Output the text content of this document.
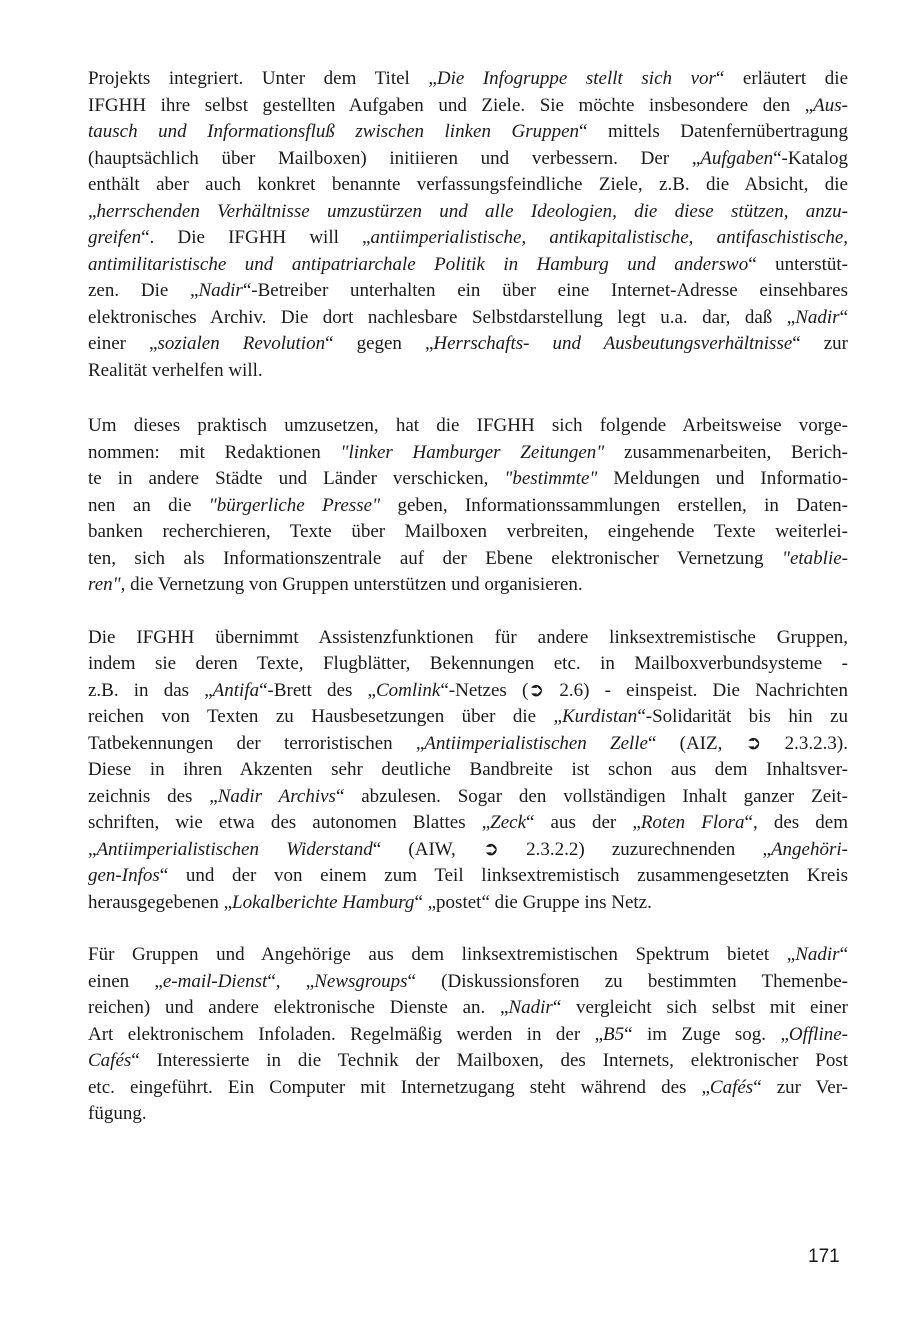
Projekts integriert. Unter dem Titel „Die Infogruppe stellt sich vor“ erläutert die
IFGHH ihre selbst gestellten Aufgaben und Ziele. Sie möchte insbesondere den „Aus-
tausch und Informationsfluß zwischen linken Gruppen“ mittels Datenfernübertragung
(hauptsächlich über Mailboxen) initiieren und verbessern. Der „Aufgaben“-Katalog
enthält aber auch konkret benannte verfassungsfeindliche Ziele, z.B. die Absicht, die
„herrschenden Verhältnisse umzustürzen und alle Ideologien, die diese stützen, anzu-
greifen“. Die IFGHH will „antiimperialistische, antikapitalistische, antifaschistische,
antimilitaristische und antipatriarchale Politik in Hamburg und anderswo“ unterstüt-
zen. Die „Nadir“-Betreiber unterhalten ein über eine Internet-Adresse einsehbares
elektronisches Archiv. Die dort nachlesbare Selbstdarstellung legt u.a. dar, daß „Nadir“
einer „sozialen Revolution“ gegen „Herrschafts- und Ausbeutungsverhältnisse“ zur
Realität verhelfen will.
Um dieses praktisch umzusetzen, hat die IFGHH sich folgende Arbeitsweise vorge-
nommen: mit Redaktionen "linker Hamburger Zeitungen" zusammenarbeiten, Berich-
te in andere Städte und Länder verschicken, "bestimmte" Meldungen und Informatio-
nen an die "bürgerliche Presse" geben, Informationssammlungen erstellen, in Daten-
banken recherchieren, Texte über Mailboxen verbreiten, eingehende Texte weiterlei-
ten, sich als Informationszentrale auf der Ebene elektronischer Vernetzung "etablie-
ren", die Vernetzung von Gruppen unterstützen und organisieren.
Die IFGHH übernimmt Assistenzfunktionen für andere linksextremistische Gruppen,
indem sie deren Texte, Flugblätter, Bekennungen etc. in Mailboxverbundsysteme -
z.B. in das „Antifa“-Brett des „Comlink“-Netzes (➲ 2.6) - einspeist. Die Nachrichten
reichen von Texten zu Hausbesetzungen über die „Kurdistan“-Solidarität bis hin zu
Tatbekennungen der terroristischen „Antiimperialistischen Zelle“ (AIZ, ➲ 2.3.2.3).
Diese in ihren Akzenten sehr deutliche Bandbreite ist schon aus dem Inhaltsver-
zeichnis des „Nadir Archivs“ abzulesen. Sogar den vollständigen Inhalt ganzer Zeit-
schriften, wie etwa des autonomen Blattes „Zeck“ aus der „Roten Flora“, des dem
„Antiimperialistischen Widerstand“ (AIW, ➲ 2.3.2.2) zuzurechnenden „Angehöri-
gen-Infos“ und der von einem zum Teil linksextremistisch zusammengesetzten Kreis
herausgegebenen „Lokalberichte Hamburg“ „postet“ die Gruppe ins Netz.
Für Gruppen und Angehörige aus dem linksextremistischen Spektrum bietet „Nadir“
einen „e-mail-Dienst“, „Newsgroups“ (Diskussionsforen zu bestimmten Themenbe-
reichen) und andere elektronische Dienste an. „Nadir“ vergleicht sich selbst mit einer
Art elektronischem Infoladen. Regelmäßig werden in der „B5“ im Zuge sog. „Offline-
Cafés“ Interessierte in die Technik der Mailboxen, des Internets, elektronischer Post
etc. eingeführt. Ein Computer mit Internetzugang steht während des „Cafés“ zur Ver-
fügung.
171
